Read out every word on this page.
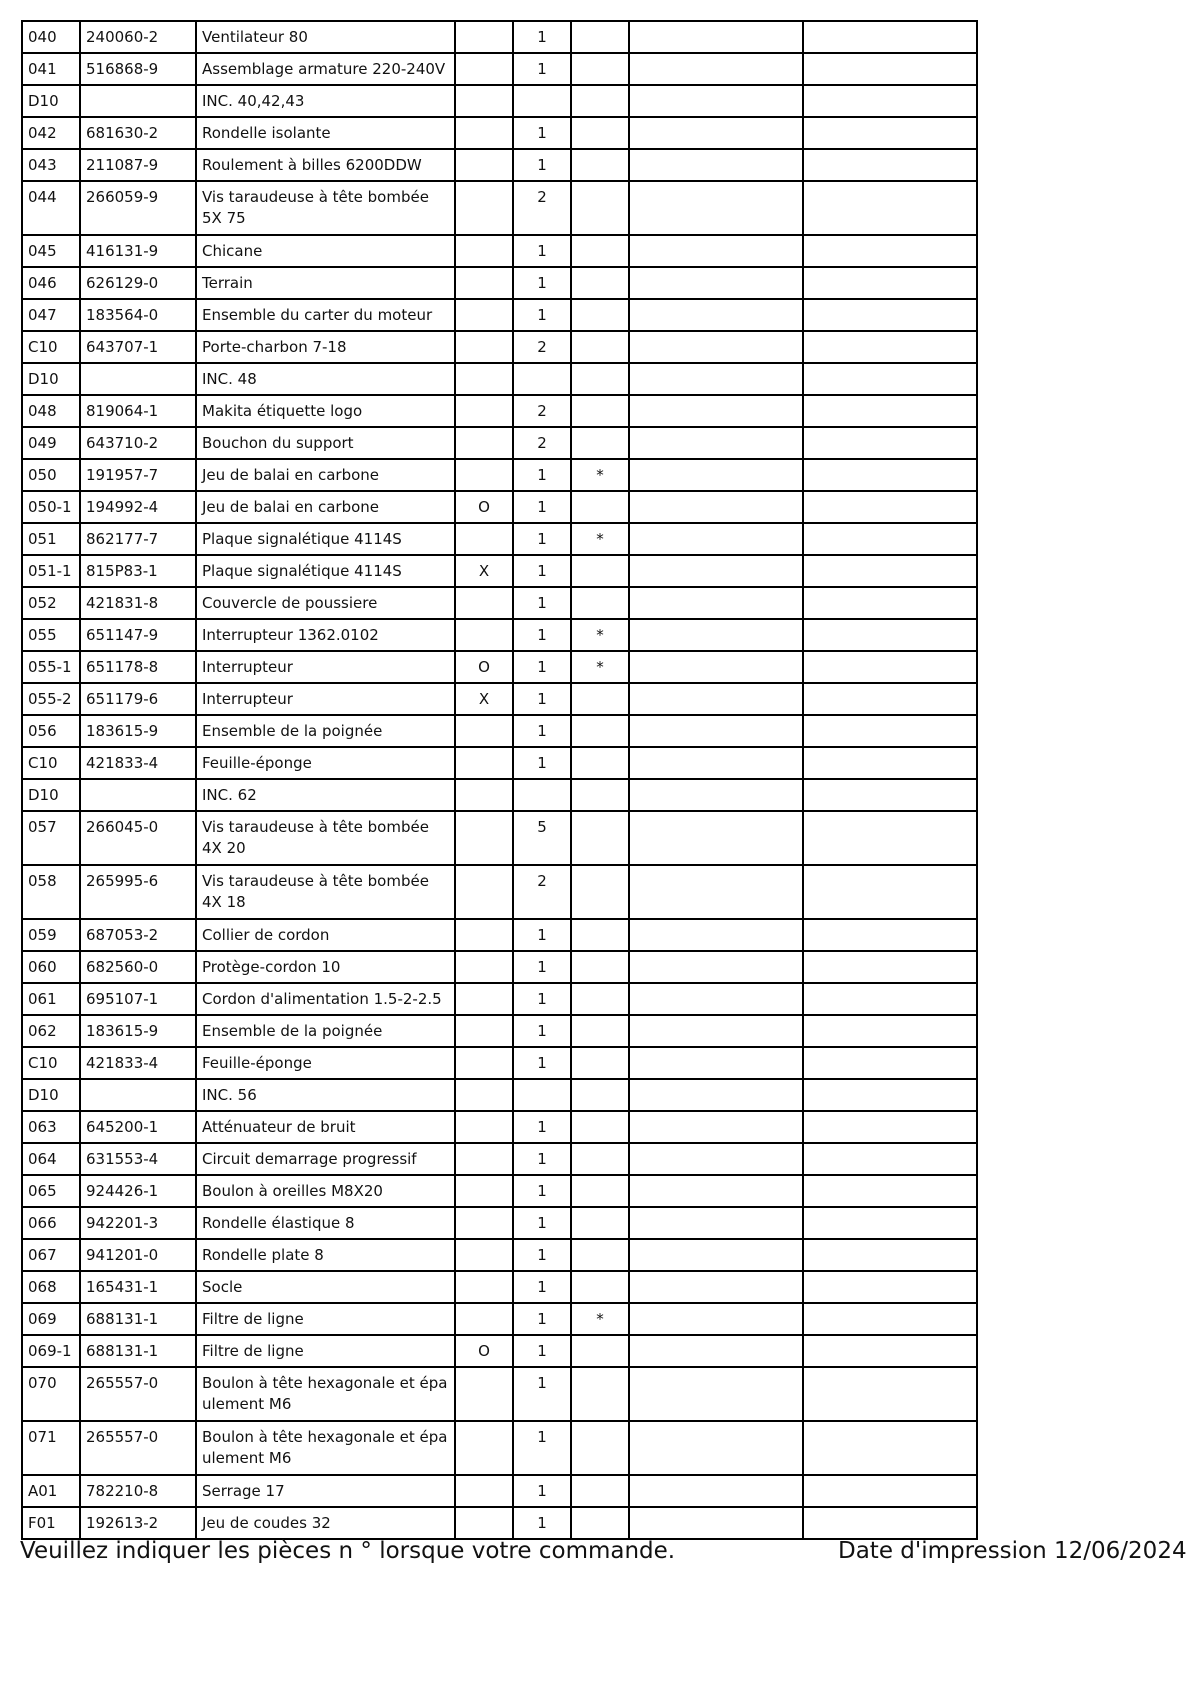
040	240060-2	Ventilateur 80		1			
041	516868-9	Assemblage armature 220-240V		1			
D10		INC. 40,42,43					
042	681630-2	Rondelle isolante		1			
043	211087-9	Roulement à billes 6200DDW		1			
044	266059-9	Vis taraudeuse à tête bombée 5X 75		2			
045	416131-9	Chicane		1			
046	626129-0	Terrain		1			
047	183564-0	Ensemble du carter du moteur		1			
C10	643707-1	Porte-charbon 7-18		2			
D10		INC. 48					
048	819064-1	Makita étiquette logo		2			
049	643710-2	Bouchon du support		2			
050	191957-7	Jeu de balai en carbone		1	*		
050-1	194992-4	Jeu de balai en carbone	O	1			
051	862177-7	Plaque signalétique 4114S		1	*		
051-1	815P83-1	Plaque signalétique 4114S	X	1			
052	421831-8	Couvercle de poussiere		1			
055	651147-9	Interrupteur 1362.0102		1	*		
055-1	651178-8	Interrupteur	O	1	*		
055-2	651179-6	Interrupteur	X	1			
056	183615-9	Ensemble de la poignée		1			
C10	421833-4	Feuille-éponge		1			
D10		INC. 62					
057	266045-0	Vis taraudeuse à tête bombée 4X 20		5			
058	265995-6	Vis taraudeuse à tête bombée 4X 18		2			
059	687053-2	Collier de cordon		1			
060	682560-0	Protège-cordon 10		1			
061	695107-1	Cordon d'alimentation 1.5-2-2.5		1			
062	183615-9	Ensemble de la poignée		1			
C10	421833-4	Feuille-éponge		1			
D10		INC. 56					
063	645200-1	Atténuateur de bruit		1			
064	631553-4	Circuit demarrage progressif		1			
065	924426-1	Boulon à oreilles M8X20		1			
066	942201-3	Rondelle élastique 8		1			
067	941201-0	Rondelle plate 8		1			
068	165431-1	Socle		1			
069	688131-1	Filtre de ligne		1	*		
069-1	688131-1	Filtre de ligne	O	1			
070	265557-0	Boulon à tête hexagonale et épa ulement M6		1			
071	265557-0	Boulon à tête hexagonale et épa ulement M6		1			
A01	782210-8	Serrage 17		1			
F01	192613-2	Jeu de coudes 32		1			
Veuillez indiquer les pièces n ° lorsque votre commande.	Date d'impression 12/06/2024
